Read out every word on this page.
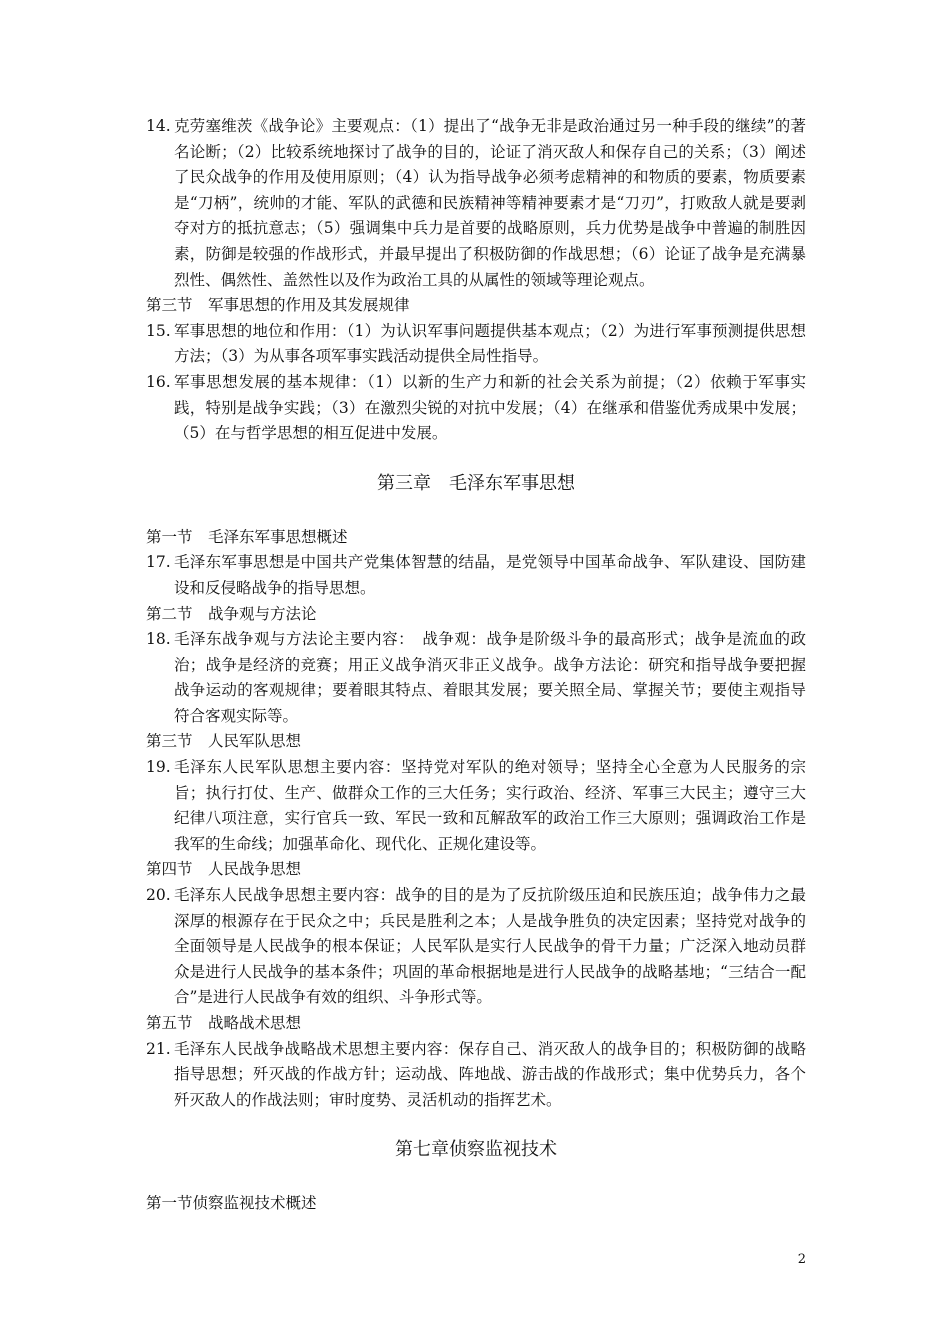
14. 克劳塞维茨《战争论》主要观点：（1）提出了“战争无非是政治通过另一种手段的继续”的著名论断；（2）比较系统地探讨了战争的目的，论证了消灭敌人和保存自己的关系；（3）阐述了民众战争的作用及使用原则；（4）认为指导战争必须考虑精神的和物质的要素，物质要素是“刀柄”，统帅的才能、军队的武德和民族精神等精神要素才是“刀刃”，打败敌人就是要剥夺对方的抵抗意志；（5）强调集中兵力是首要的战略原则，兵力优势是战争中普遍的制胜因素，防御是较强的作战形式，并最早提出了积极防御的作战思想；（6）论证了战争是充满暴烈性、偶然性、盖然性以及作为政治工具的从属性的领域等理论观点。

第三节　军事思想的作用及其发展规律

15. 军事思想的地位和作用：（1）为认识军事问题提供基本观点；（2）为进行军事预测提供思想方法；（3）为从事各项军事实践活动提供全局性指导。

16. 军事思想发展的基本规律：（1）以新的生产力和新的社会关系为前提；（2）依赖于军事实践，特别是战争实践；（3）在激烈尖锐的对抗中发展；（4）在继承和借鉴优秀成果中发展；（5）在与哲学思想的相互促进中发展。

第三章　毛泽东军事思想

第一节　毛泽东军事思想概述

17. 毛泽东军事思想是中国共产党集体智慧的结晶，是党领导中国革命战争、军队建设、国防建设和反侵略战争的指导思想。

第二节　战争观与方法论

18. 毛泽东战争观与方法论主要内容：　战争观：战争是阶级斗争的最高形式；战争是流血的政治；战争是经济的竞赛；用正义战争消灭非正义战争。战争方法论：研究和指导战争要把握战争运动的客观规律；要着眼其特点、着眼其发展；要关照全局、掌握关节；要使主观指导符合客观实际等。

第三节　人民军队思想

19. 毛泽东人民军队思想主要内容：坚持党对军队的绝对领导；坚持全心全意为人民服务的宗旨；执行打仗、生产、做群众工作的三大任务；实行政治、经济、军事三大民主；遵守三大纪律八项注意，实行官兵一致、军民一致和瓦解敌军的政治工作三大原则；强调政治工作是我军的生命线；加强革命化、现代化、正规化建设等。

第四节　人民战争思想

20. 毛泽东人民战争思想主要内容：战争的目的是为了反抗阶级压迫和民族压迫；战争伟力之最深厚的根源存在于民众之中；兵民是胜利之本；人是战争胜负的决定因素；坚持党对战争的全面领导是人民战争的根本保证；人民军队是实行人民战争的骨干力量；广泛深入地动员群众是进行人民战争的基本条件；巩固的革命根据地是进行人民战争的战略基地；“三结合一配合”是进行人民战争有效的组织、斗争形式等。

第五节　战略战术思想

21. 毛泽东人民战争战略战术思想主要内容：保存自己、消灭敌人的战争目的；积极防御的战略指导思想；歼灭战的作战方针；运动战、阵地战、游击战的作战形式；集中优势兵力，各个歼灭敌人的作战法则；审时度势、灵活机动的指挥艺术。

第七章侦察监视技术

第一节侦察监视技术概述

2
